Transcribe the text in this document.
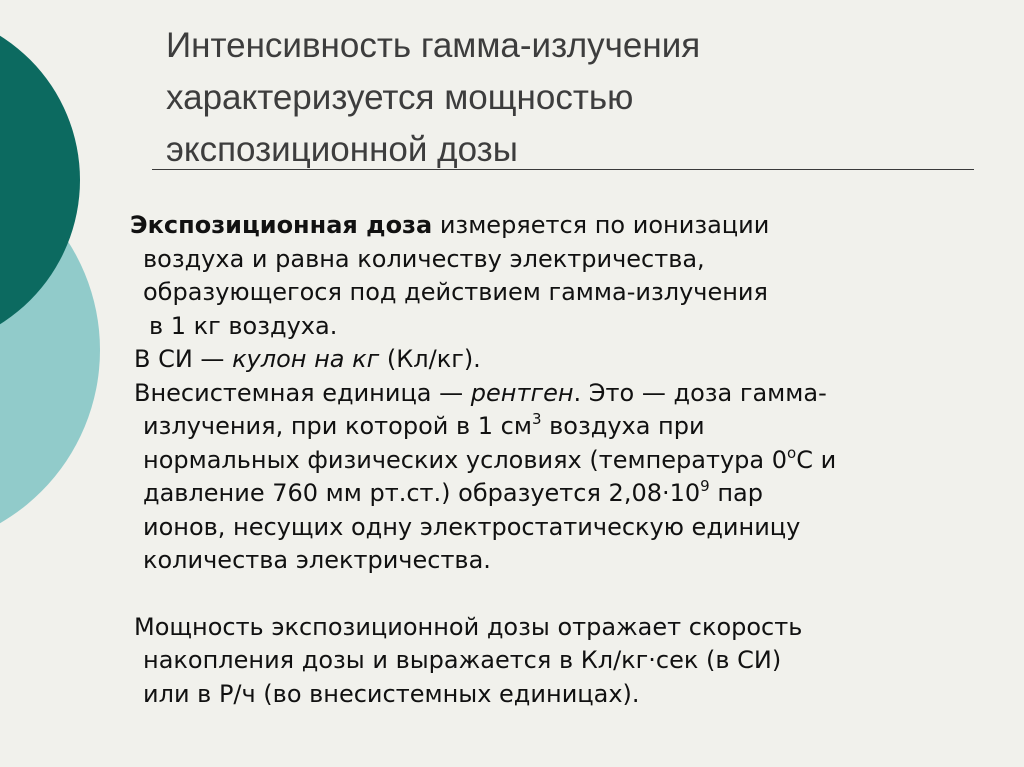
Интенсивность гамма-излучения
характеризуется мощностью
экспозиционной дозы
Экспозиционная доза измеряется по ионизации
воздуха и равна количеству электричества,
образующегося под действием гамма-излучения
в 1 кг воздуха.
В СИ — кулон на кг (Кл/кг).
Внесистемная единица — рентген. Это — доза гамма-
излучения, при которой в 1 $см^3$ воздуха при
нормальных физических условиях (температура $0^оС$ и
давление 760 мм рт.ст.) образуется $2,08\cdot 10^9$ пар
ионов, несущих одну электростатическую единицу
количества электричества.
Мощность экспозиционной дозы отражает скорость
накопления дозы и выражается в Кл/кг·сек (в СИ)
или в Р/ч (во внесистемных единицах).
